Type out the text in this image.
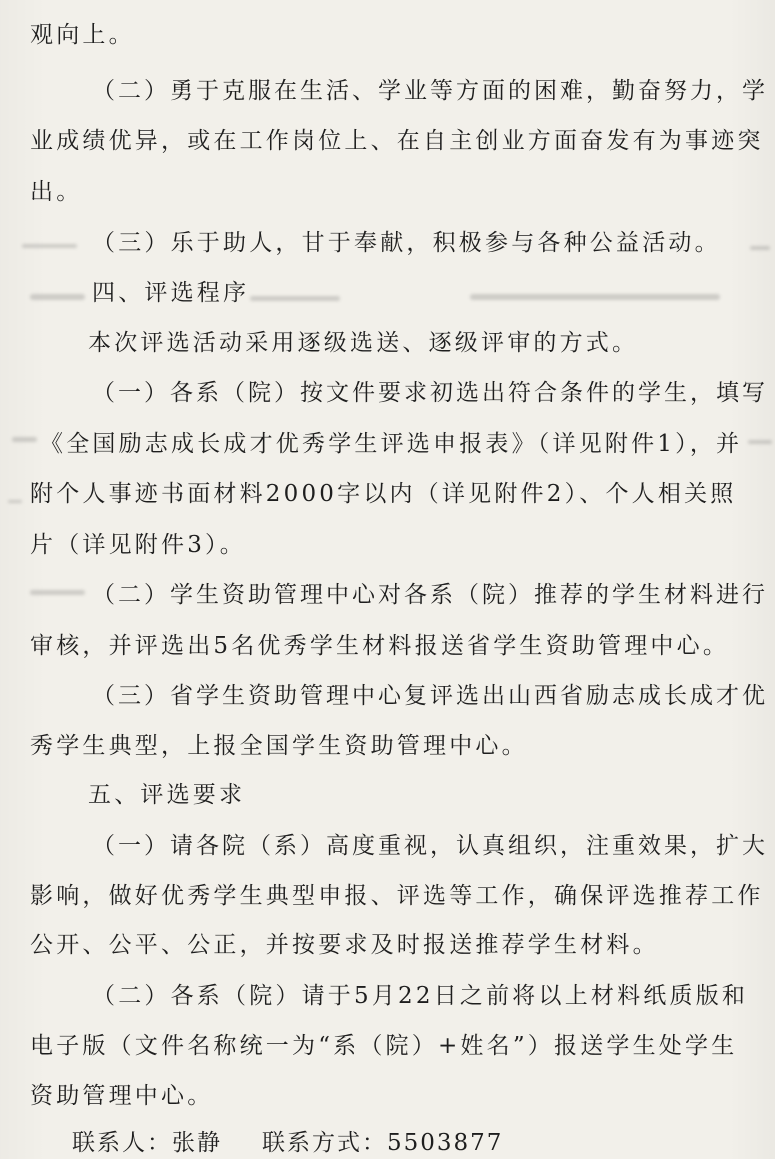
观向上。
（二）勇于克服在生活、学业等方面的困难，勤奋努力，学
业成绩优异，或在工作岗位上、在自主创业方面奋发有为事迹突
出。
（三）乐于助人，甘于奉献，积极参与各种公益活动。
四、评选程序
本次评选活动采用逐级选送、逐级评审的方式。
（一）各系（院）按文件要求初选出符合条件的学生，填写
《全国励志成长成才优秀学生评选申报表》（详见附件1），并
附个人事迹书面材料2000字以内（详见附件2）、个人相关照
片（详见附件3）。
（二）学生资助管理中心对各系（院）推荐的学生材料进行
审核，并评选出5名优秀学生材料报送省学生资助管理中心。
（三）省学生资助管理中心复评选出山西省励志成长成才优
秀学生典型，上报全国学生资助管理中心。
五、评选要求
（一）请各院（系）高度重视，认真组织，注重效果，扩大
影响，做好优秀学生典型申报、评选等工作，确保评选推荐工作
公开、公平、公正，并按要求及时报送推荐学生材料。
（二）各系（院）请于5月22日之前将以上材料纸质版和
电子版（文件名称统一为“系（院）+姓名”）报送学生处学生
资助管理中心。
联系人：张静 联系方式：5503877
